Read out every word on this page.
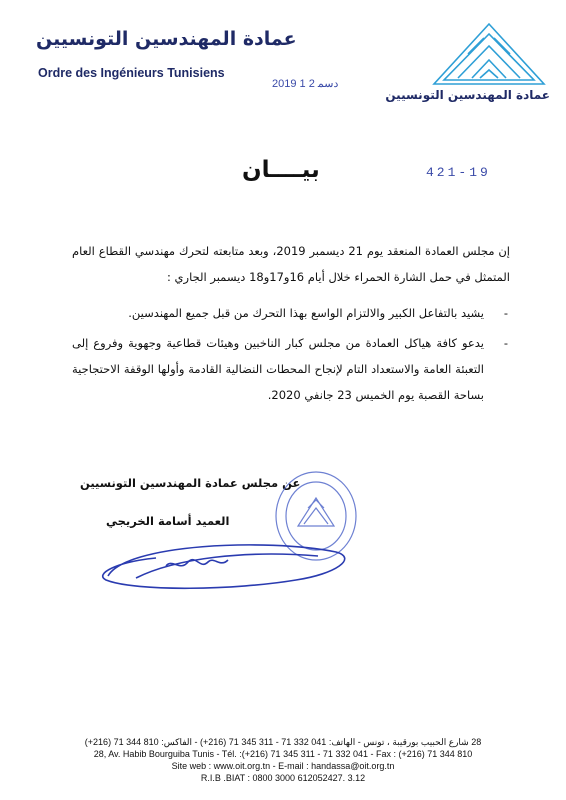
عمادة المهندسين التونسيين
Ordre des Ingénieurs Tunisiens
2019 دﺳﻤ 2 1
عمادة المهندسين التونسيين
بيــــان	421-19

إن مجلس العمادة المنعقد يوم 21 ديسمبر 2019، وبعد متابعته لتحرك مهندسي القطاع العام المتمثل في حمل الشارة الحمراء خلال أيام 16و17و18 ديسمبر الجاري :

-
يشيد بالتفاعل الكبير والالتزام الواسع بهذا التحرك من قبل جميع المهندسين.
-
يدعو كافة هياكل العمادة من مجلس كبار الناخبين وهيئات قطاعية وجهوية وفروع إلى التعبئة العامة والاستعداد التام لإنجاح المحطات النضالية القادمة وأولها الوقفة الاحتجاجية بساحة القصبة يوم الخميس 23 جانفي 2020.
عن مجلس عمادة المهندسين التونسيين
العميد أسامة الخريجي
28 شارع الحبيب بورقيبة ، تونس - الهاتف: 041 332 71 - 311 345 71 (216+) - الفاكس: 810 344 71 (216+)
28, Av. Habib Bourguiba Tunis - Tél. :(+216) 71 345 311 - 71 332 041 - Fax : (+216) 71 344 810
Site web : www.oit.org.tn - E-mail : handassa@oit.org.tn
R.I.B .BIAT : 0800 3000 612052427. 3.12
